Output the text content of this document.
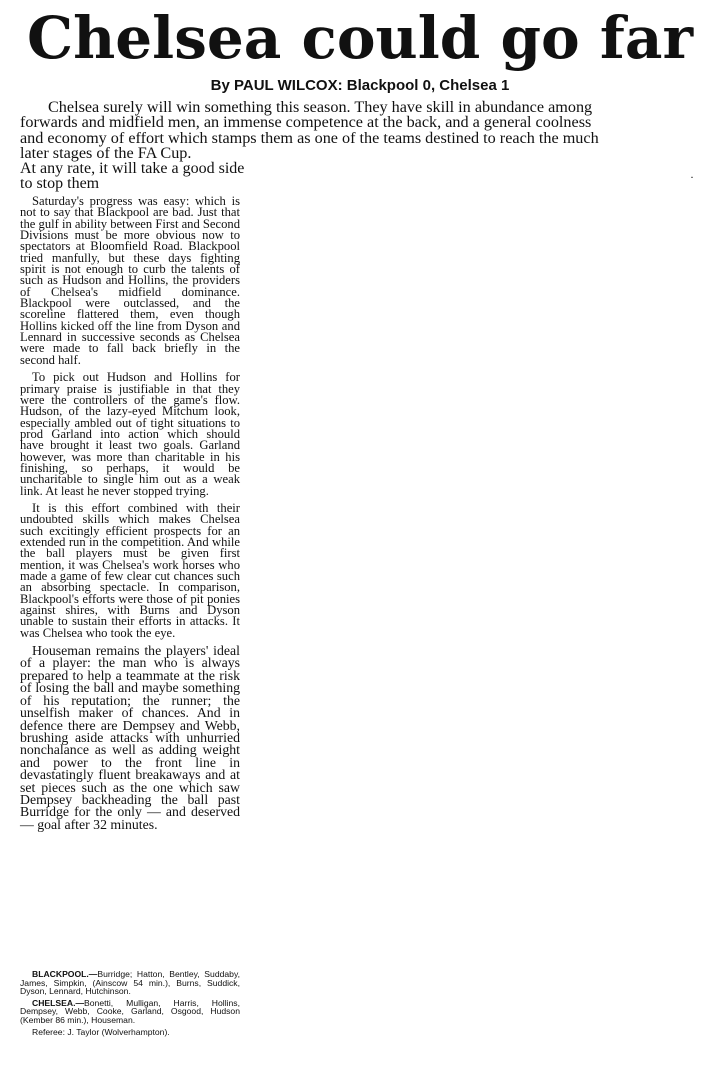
Chelsea could go far
By PAUL WILCOX: Blackpool 0, Chelsea 1
Chelsea surely will win something this season. They have skill in abundance among
forwards and midfield men, an immense competence at the back, and a general coolness
and economy of effort which stamps them as one of the teams destined to reach the much
later stages of the FA Cup.
At any rate, it will take a good side to stop them	·

Saturday's progress was easy: which is not to say that Blackpool are bad. Just that the gulf in ability between First and Second Divisions must be more obvious now to spectators at Bloomfield Road. Blackpool tried manfully, but these days fighting spirit is not enough to curb the talents of such as Hudson and Hollins, the providers of Chelsea's midfield dominance. Blackpool were outclassed, and the scoreline flattered them, even though Hollins kicked off the line from Dyson and Lennard in successive seconds as Chelsea were made to fall back briefly in the second half.

To pick out Hudson and Hollins for primary praise is justifiable in that they were the controllers of the game's flow. Hudson, of the lazy-eyed Mitchum look, especially ambled out of tight situations to prod Garland into action which should have brought it least two goals. Garland however, was more than charitable in his finishing, so perhaps, it would be uncharitable to single him out as a weak link. At least he never stopped trying.

It is this effort combined with their undoubted skills which makes Chelsea such excitingly efficient prospects for an extended run in the competition. And while the ball players must be given first mention, it was Chelsea's work horses who made a game of few clear cut chances such an absorbing spectacle. In comparison, Blackpool's efforts were those of pit ponies against shires, with Burns and Dyson unable to sustain their efforts in attacks. It was Chelsea who took the eye.

Houseman remains the players' ideal of a player: the man who is always prepared to help a teammate at the risk of losing the ball and maybe something of his reputation; the runner; the unselfish maker of chances. And in defence there are Dempsey and Webb, brushing aside attacks with unhurried nonchalance as well as adding weight and power to the front line in devastatingly fluent breakaways and at set pieces such as the one which saw Dempsey backheading the ball past Burridge for the only — and deserved — goal after 32 minutes.

BLACKPOOL.—Burridge; Hatton, Bentley, Suddaby, James, Simpkin, (Ainscow 54 min.), Burns, Suddick, Dyson, Lennard, Hutchinson.

CHELSEA.—Bonetti, Mulligan, Harris, Hollins, Dempsey, Webb, Cooke, Garland, Osgood, Hudson (Kember 86 min.), Houseman.

Referee: J. Taylor (Wolverhampton).
